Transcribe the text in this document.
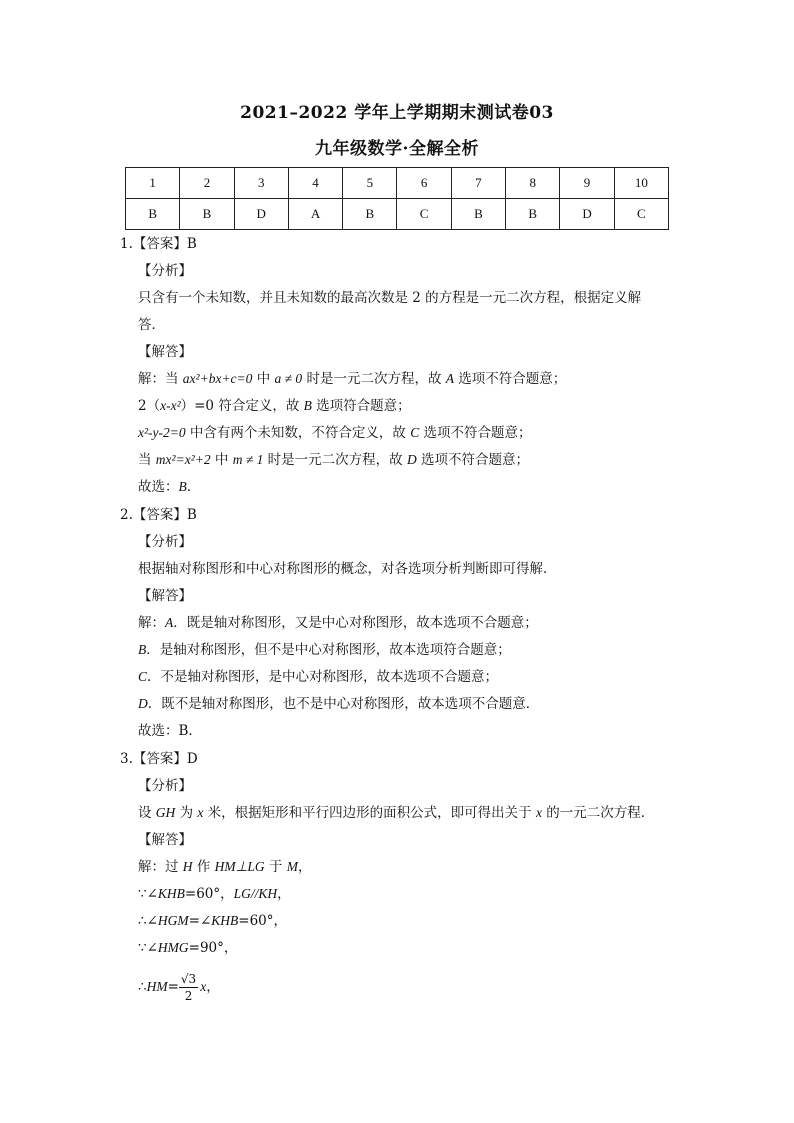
2021–2022 学年上学期期末测试卷03
九年级数学·全解全析
1	2	3	4	5	6	7	8	9	10
B	B	D	A	B	C	B	B	D	C
1.【答案】B
【分析】
只含有一个未知数，并且未知数的最高次数是 2 的方程是一元二次方程，根据定义解
答．
【解答】
解：当 ax²+bx+c=0 中 a ≠ 0 时是一元二次方程，故 A 选项不符合题意；
2（x-x²）=0 符合定义，故 B 选项符合题意；
x²-y-2=0 中含有两个未知数，不符合定义，故 C 选项不符合题意；
当 mx²=x²+2 中 m ≠ 1 时是一元二次方程，故 D 选项不符合题意；
故选：B．
2.【答案】B
【分析】
根据轴对称图形和中心对称图形的概念，对各选项分析判断即可得解．
【解答】
解：A．既是轴对称图形，又是中心对称图形，故本选项不合题意；
B．是轴对称图形，但不是中心对称图形，故本选项符合题意；
C．不是轴对称图形，是中心对称图形，故本选项不合题意；
D．既不是轴对称图形，也不是中心对称图形，故本选项不合题意．
故选：B．
3.【答案】D
【分析】
设 GH 为 x 米，根据矩形和平行四边形的面积公式，即可得出关于 x 的一元二次方程．
【解答】
解：过 H 作 HM⊥LG 于 M，
∵∠KHB=60°，LG//KH，
∴∠HGM=∠KHB=60°，
∵∠HMG=90°，
∴HM= $\frac{√3}{2}$ x，
